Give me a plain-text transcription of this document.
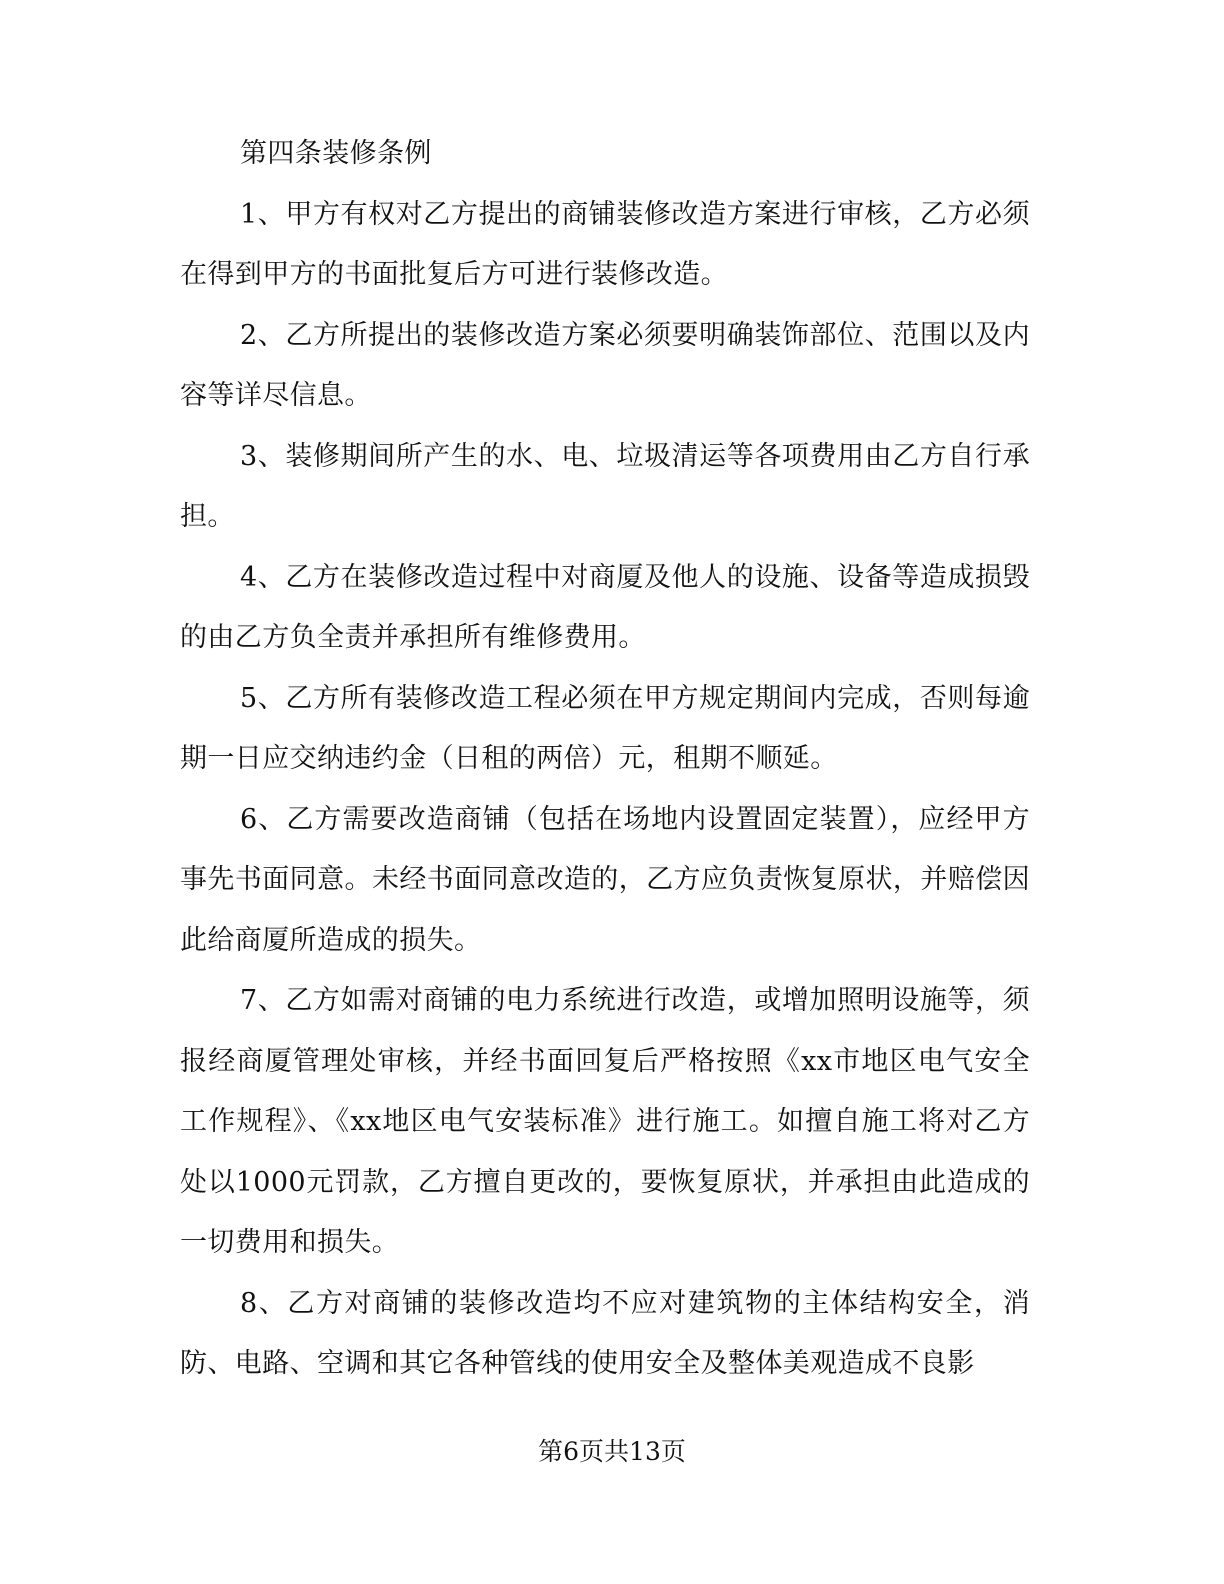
第四条装修条例

1、甲方有权对乙方提出的商铺装修改造方案进行审核，乙方必须在得到甲方的书面批复后方可进行装修改造。

2、乙方所提出的装修改造方案必须要明确装饰部位、范围以及内容等详尽信息。

3、装修期间所产生的水、电、垃圾清运等各项费用由乙方自行承担。

4、乙方在装修改造过程中对商厦及他人的设施、设备等造成损毁的由乙方负全责并承担所有维修费用。

5、乙方所有装修改造工程必须在甲方规定期间内完成，否则每逾期一日应交纳违约金（日租的两倍）元，租期不顺延。

6、乙方需要改造商铺（包括在场地内设置固定装置），应经甲方事先书面同意。未经书面同意改造的，乙方应负责恢复原状，并赔偿因此给商厦所造成的损失。

7、乙方如需对商铺的电力系统进行改造，或增加照明设施等，须报经商厦管理处审核，并经书面回复后严格按照《xx市地区电气安全工作规程》、《xx地区电气安装标准》进行施工。如擅自施工将对乙方处以1000元罚款，乙方擅自更改的，要恢复原状，并承担由此造成的一切费用和损失。

8、乙方对商铺的装修改造均不应对建筑物的主体结构安全，消防、电路、空调和其它各种管线的使用安全及整体美观造成不良影

第6页共13页
